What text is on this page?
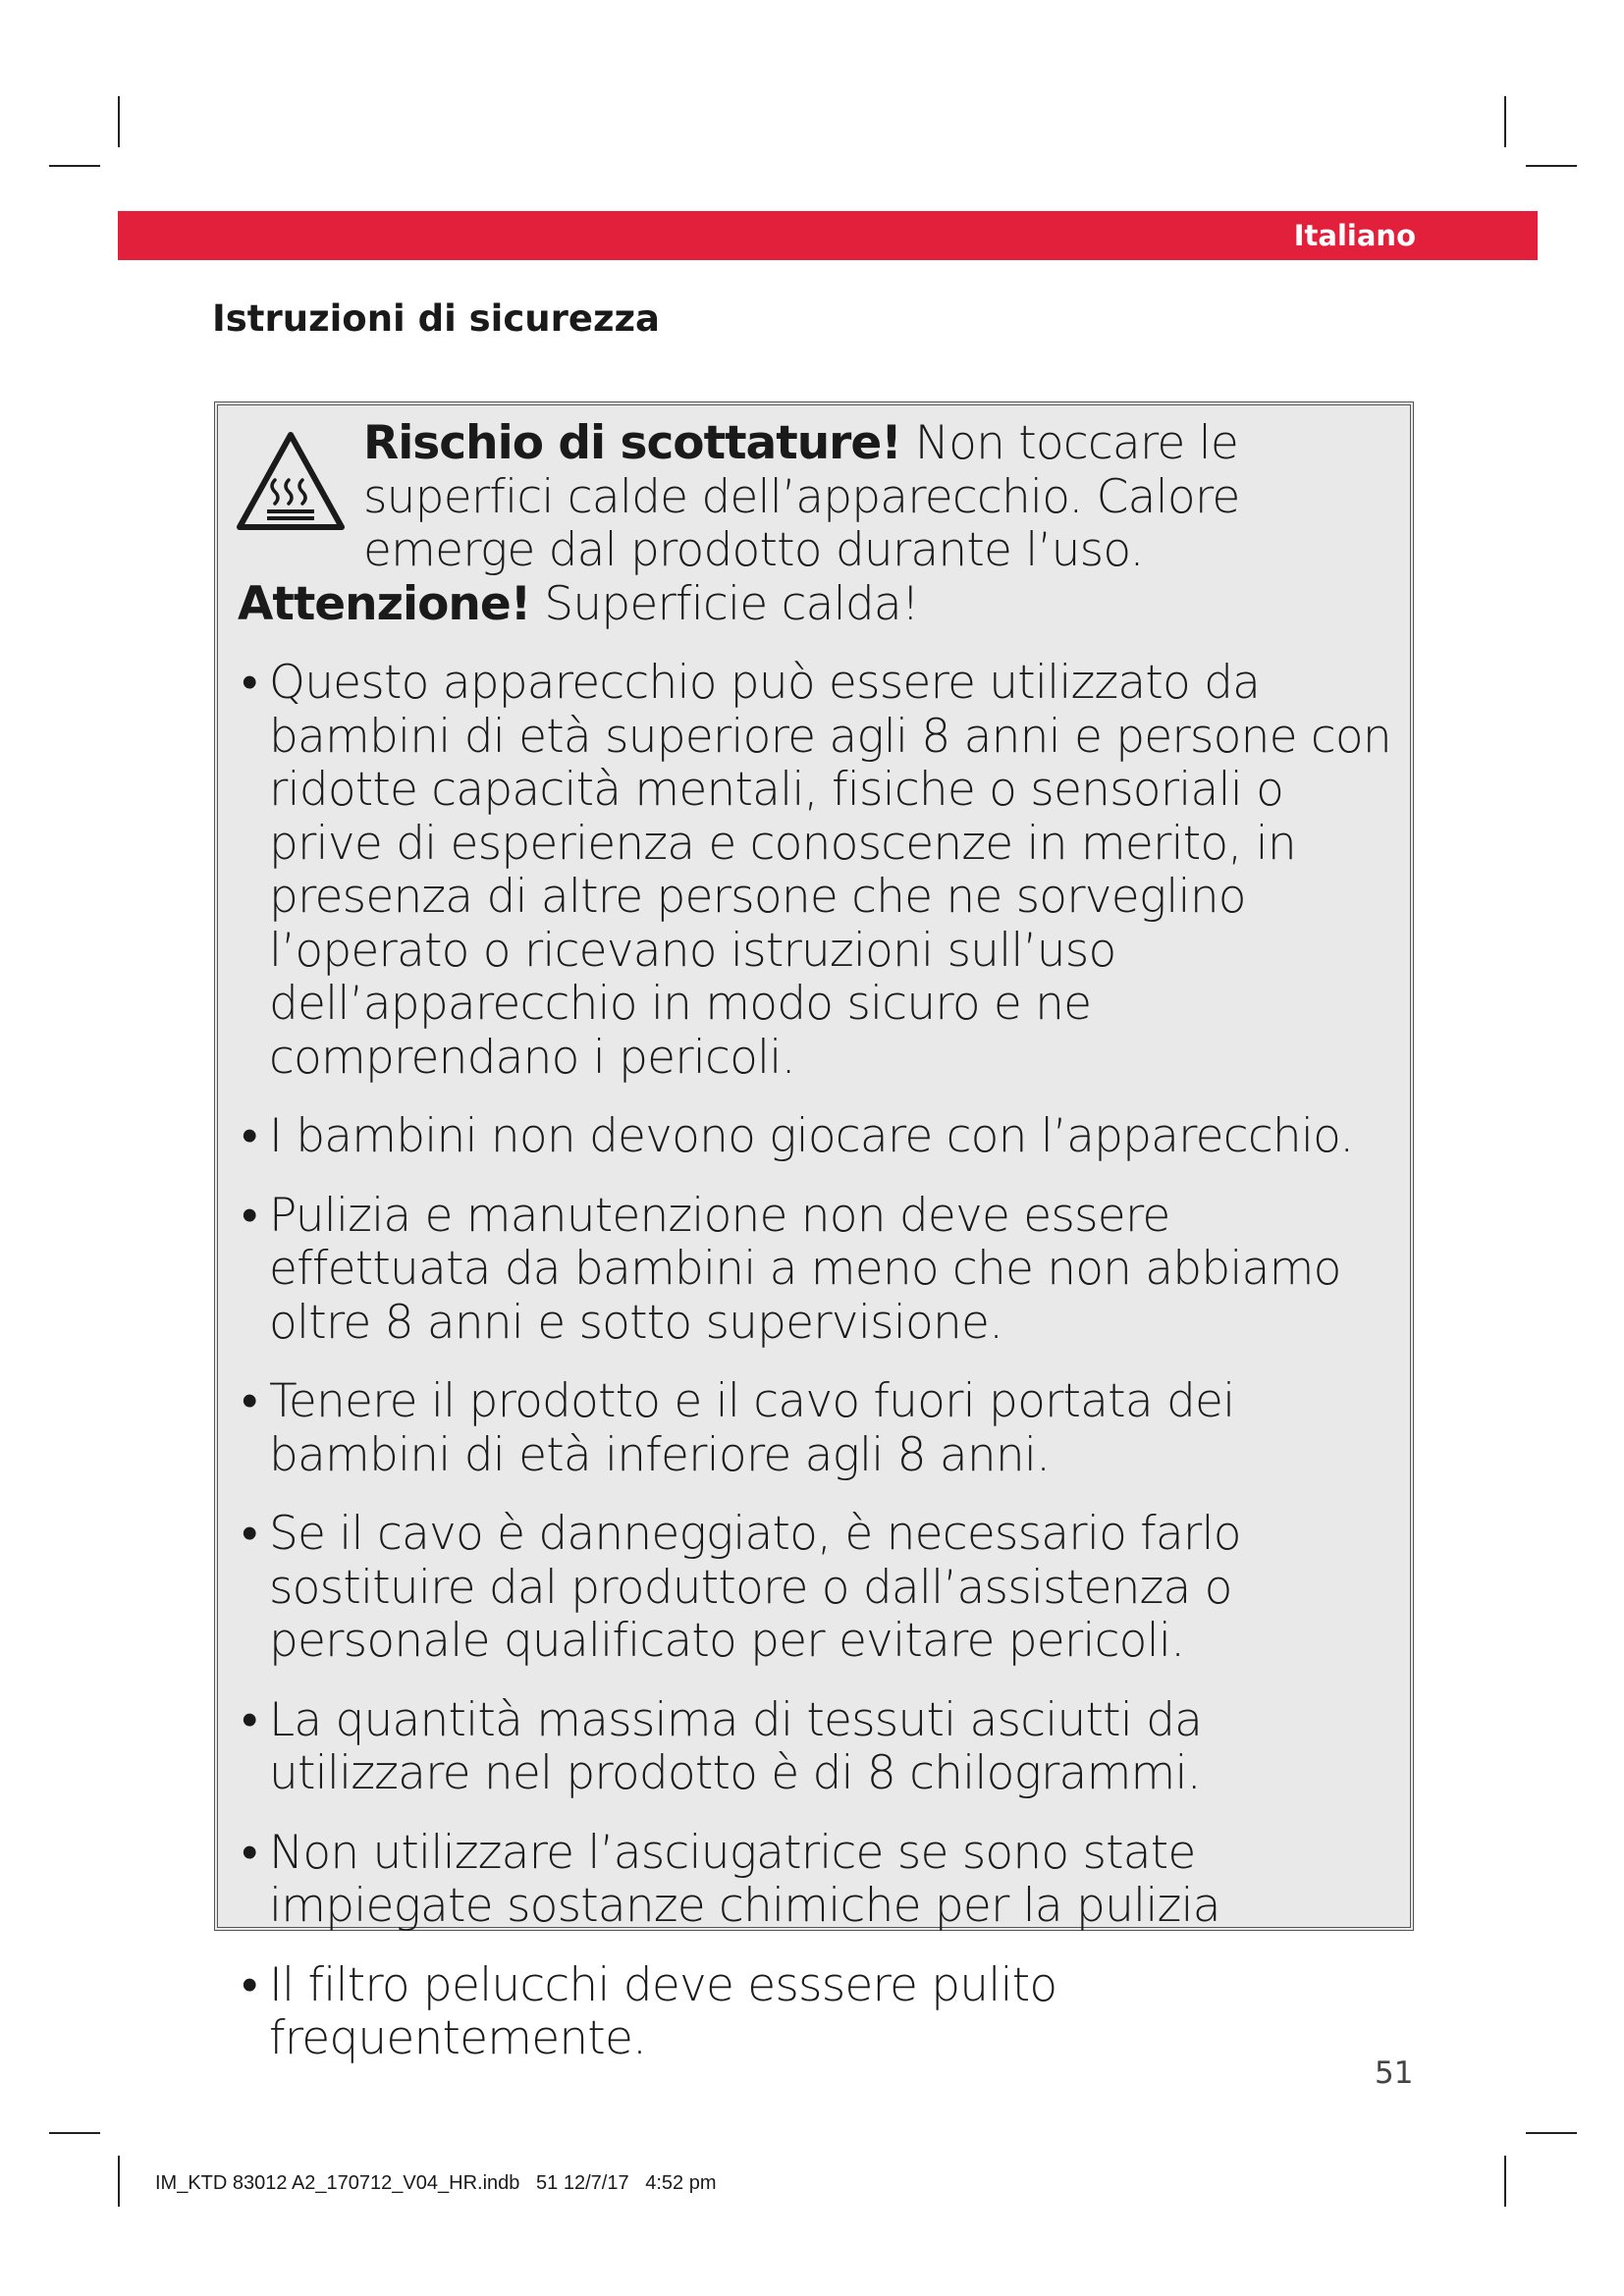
Italiano
Istruzioni di sicurezza

Rischio di scottature! Non toccare le superfici calde dell’apparecchio. Calore emerge dal prodotto durante l’uso. Attenzione! Superficie calda!

• Questo apparecchio può essere utilizzato da bambini di età superiore agli 8 anni e persone con ridotte capacità mentali, fisiche o sensoriali o prive di esperienza e conoscenze in merito, in presenza di altre persone che ne sorveglino l’operato o ricevano istruzioni sull’uso dell’apparecchio in modo sicuro e ne comprendano i pericoli.
• I bambini non devono giocare con l’apparecchio.
• Pulizia e manutenzione non deve essere effettuata da bambini a meno che non abbiamo oltre 8 anni e sotto supervisione.
• Tenere il prodotto e il cavo fuori portata dei bambini di età inferiore agli 8 anni.
• Se il cavo è danneggiato, è necessario farlo sostituire dal produttore o dall’assistenza o personale qualificato per evitare pericoli.
• La quantità massima di tessuti asciutti da utilizzare nel prodotto è di 8 chilogrammi.
• Non utilizzare l’asciugatrice se sono state impiegate sostanze chimiche per la pulizia
• Il filtro pelucchi deve esssere pulito frequentemente.
51
IM_KTD 83012 A2_170712_V04_HR.indb   51 12/7/17   4:52 pm
